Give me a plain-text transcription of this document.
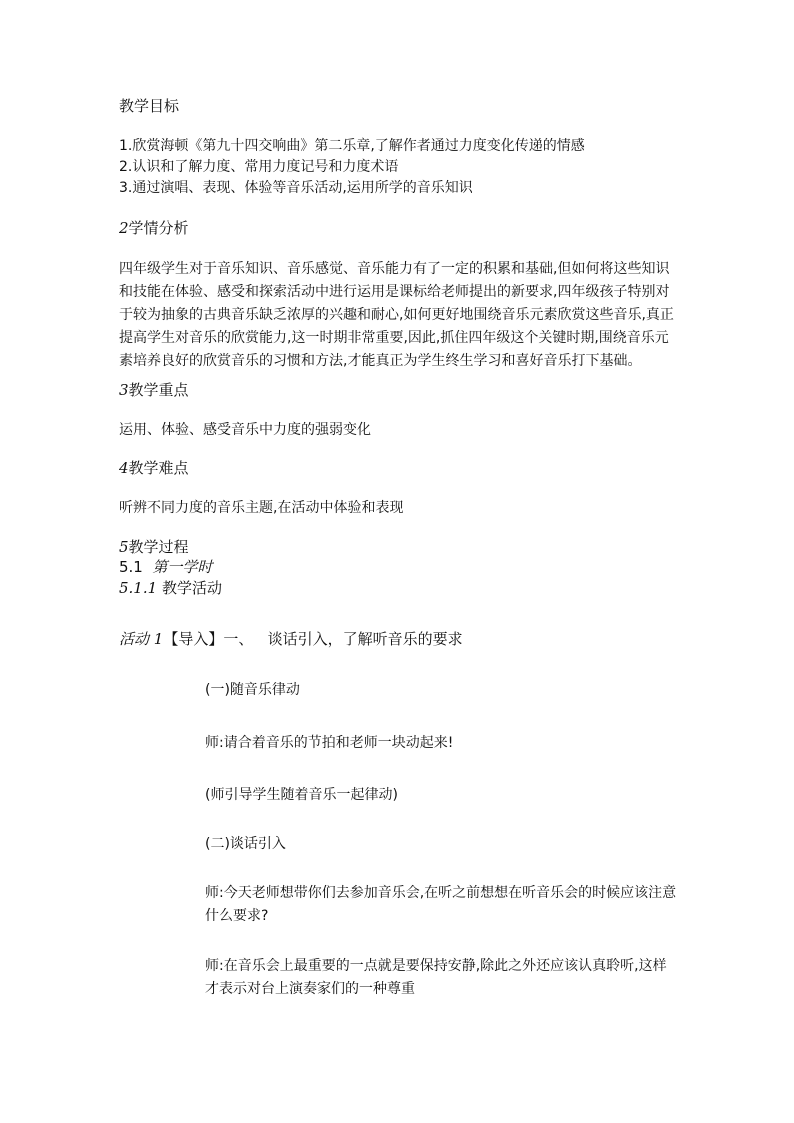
教学目标
1.欣赏海顿《第九十四交响曲》第二乐章,了解作者通过力度变化传递的情感
2.认识和了解力度、常用力度记号和力度术语
3.通过演唱、表现、体验等音乐活动,运用所学的音乐知识
2学情分析
四年级学生对于音乐知识、音乐感觉、音乐能力有了一定的积累和基础,但如何将这些知识
和技能在体验、感受和探索活动中进行运用是课标给老师提出的新要求,四年级孩子特别对
于较为抽象的古典音乐缺乏浓厚的兴趣和耐心,如何更好地围绕音乐元素欣赏这些音乐,真正
提高学生对音乐的欣赏能力,这一时期非常重要,因此,抓住四年级这个关键时期,围绕音乐元
素培养良好的欣赏音乐的习惯和方法,才能真正为学生终生学习和喜好音乐打下基础。
3教学重点
运用、体验、感受音乐中力度的强弱变化
4教学难点
听辨不同力度的音乐主题,在活动中体验和表现
5教学过程
5.1 第一学时
5.1.1 教学活动
活动 1【导入】一、   谈话引入，了解听音乐的要求
(一)随音乐律动
师:请合着音乐的节拍和老师一块动起来!
(师引导学生随着音乐一起律动)
(二)谈话引入
师:今天老师想带你们去参加音乐会,在听之前想想在听音乐会的时候应该注意
什么要求?
师:在音乐会上最重要的一点就是要保持安静,除此之外还应该认真聆听,这样
才表示对台上演奏家们的一种尊重
